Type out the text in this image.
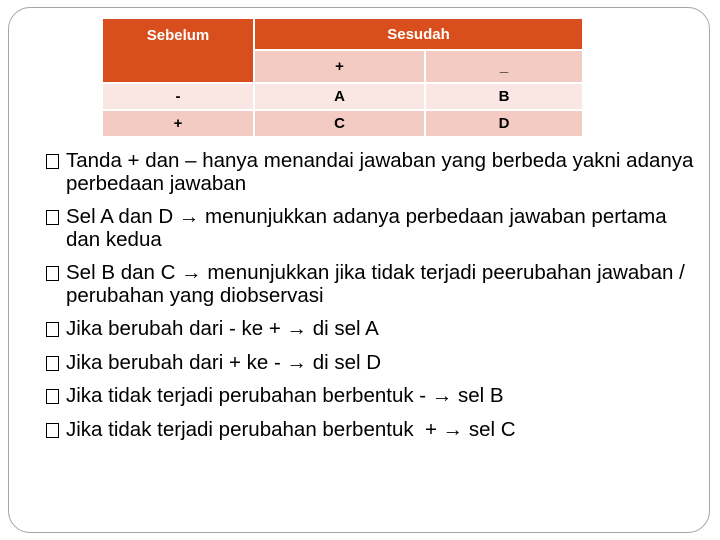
Sebelum	Sesudah	
	+	_
-	A	B
+	C	D
Tanda + dan – hanya menandai jawaban yang berbeda yakni adanya perbedaan jawaban
Sel A dan D → menunjukkan adanya perbedaan jawaban pertama dan kedua
Sel B dan C → menunjukkan jika tidak terjadi peerubahan jawaban / perubahan yang diobservasi
Jika berubah dari - ke + → di sel A
Jika berubah dari + ke - → di sel D
Jika tidak terjadi perubahan berbentuk - → sel B
Jika tidak terjadi perubahan berbentuk  + → sel C
